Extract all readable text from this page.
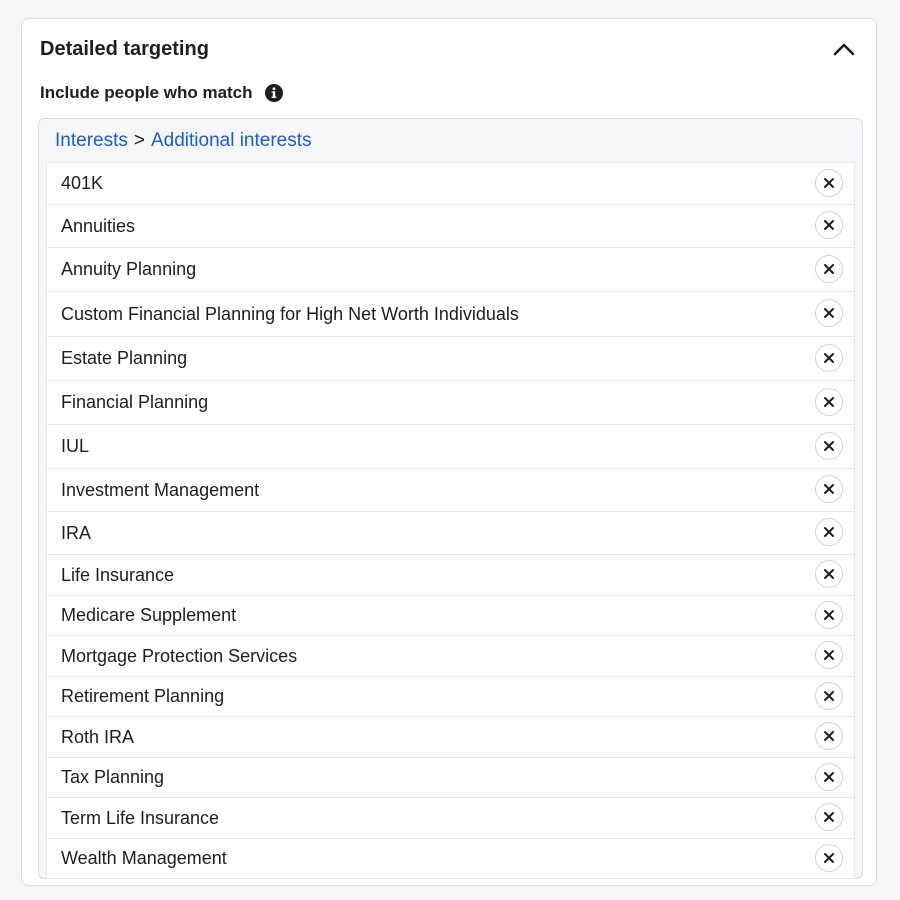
Detailed targeting
Include people who match
Interests > Additional interests
401K
Annuities
Annuity Planning
Custom Financial Planning for High Net Worth Individuals
Estate Planning
Financial Planning
IUL
Investment Management
IRA
Life Insurance
Medicare Supplement
Mortgage Protection Services
Retirement Planning
Roth IRA
Tax Planning
Term Life Insurance
Wealth Management
